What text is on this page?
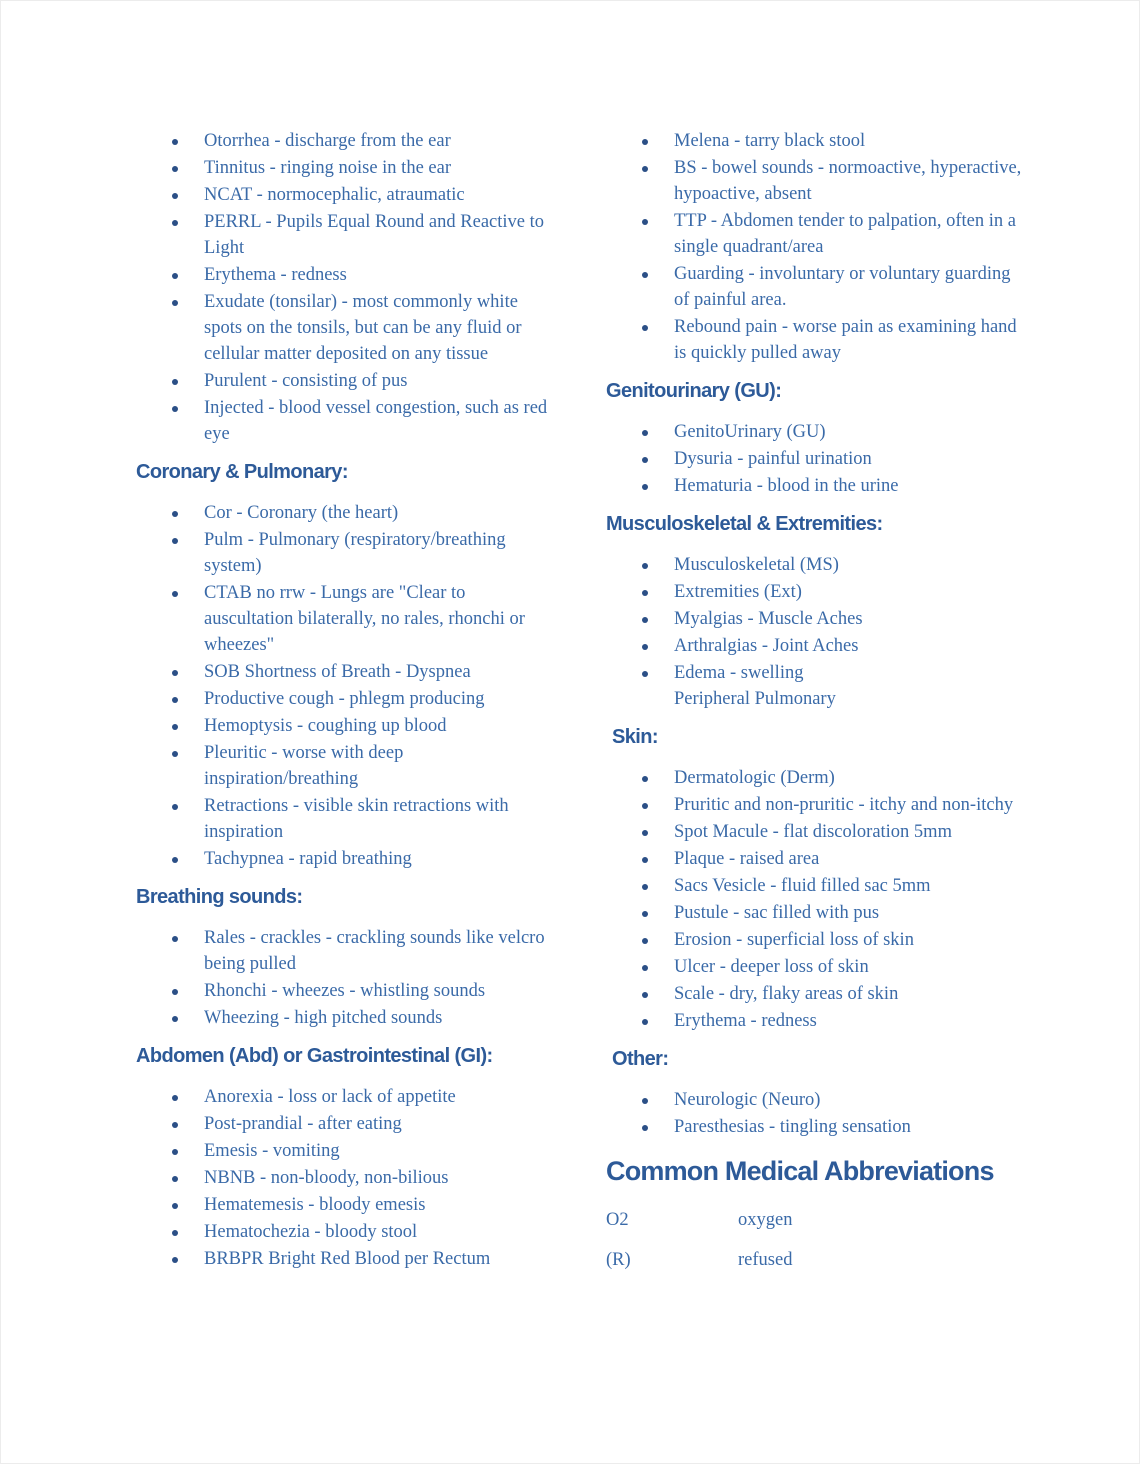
Otorrhea - discharge from the ear
Tinnitus - ringing noise in the ear
NCAT - normocephalic, atraumatic
PERRL - Pupils Equal Round and Reactive to Light
Erythema - redness
Exudate (tonsilar) - most commonly white spots on the tonsils, but can be any fluid or cellular matter deposited on any tissue
Purulent - consisting of pus
Injected - blood vessel congestion, such as red eye
Coronary & Pulmonary:
Cor - Coronary (the heart)
Pulm - Pulmonary (respiratory/breathing system)
CTAB no rrw - Lungs are "Clear to auscultation bilaterally, no rales, rhonchi or wheezes"
SOB Shortness of Breath - Dyspnea
Productive cough - phlegm producing
Hemoptysis - coughing up blood
Pleuritic - worse with deep inspiration/breathing
Retractions - visible skin retractions with inspiration
Tachypnea - rapid breathing
Breathing sounds:
Rales - crackles - crackling sounds like velcro being pulled
Rhonchi - wheezes - whistling sounds
Wheezing - high pitched sounds
Abdomen (Abd) or Gastrointestinal (GI):
Anorexia - loss or lack of appetite
Post-prandial - after eating
Emesis - vomiting
NBNB - non-bloody, non-bilious
Hematemesis - bloody emesis
Hematochezia - bloody stool
BRBPR Bright Red Blood per Rectum
Melena - tarry black stool
BS - bowel sounds - normoactive, hyperactive, hypoactive, absent
TTP - Abdomen tender to palpation, often in a single quadrant/area
Guarding - involuntary or voluntary guarding of painful area.
Rebound pain - worse pain as examining hand is quickly pulled away
Genitourinary (GU):
GenitoUrinary (GU)
Dysuria - painful urination
Hematuria - blood in the urine
Musculoskeletal & Extremities:
Musculoskeletal (MS)
Extremities (Ext)
Myalgias - Muscle Aches
Arthralgias - Joint Aches
Edema - swelling
Peripheral Pulmonary
Skin:
Dermatologic (Derm)
Pruritic and non-pruritic - itchy and non-itchy
Spot Macule - flat discoloration 5mm
Plaque - raised area
Sacs Vesicle - fluid filled sac 5mm
Pustule - sac filled with pus
Erosion - superficial loss of skin
Ulcer - deeper loss of skin
Scale - dry, flaky areas of skin
Erythema - redness
Other:
Neurologic (Neuro)
Paresthesias - tingling sensation
Common Medical Abbreviations
O2	oxygen
(R)	refused
